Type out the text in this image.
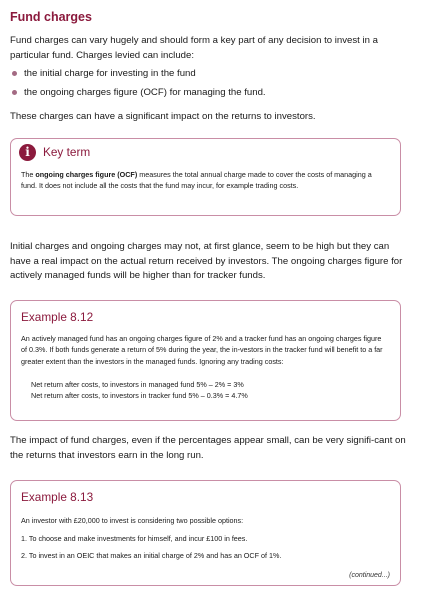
Fund charges
Fund charges can vary hugely and should form a key part of any decision to invest in a particular fund. Charges levied can include:
the initial charge for investing in the fund
the ongoing charges figure (OCF) for managing the fund.
These charges can have a significant impact on the returns to investors.
i	Key term
The ongoing charges figure (OCF) measures the total annual charge made to cover the costs of managing a fund. It does not include all the costs that the fund may incur, for example trading costs.
Initial charges and ongoing charges may not, at first glance, seem to be high but they can have a real impact on the actual return received by investors. The ongoing charges figure for actively managed funds will be higher than for tracker funds.
Example 8.12
An actively managed fund has an ongoing charges figure of 2% and a tracker fund has an ongoing charges figure of 0.3%. If both funds generate a return of 5% during the year, the in-vestors in the tracker fund will benefit to a far greater extent than the investors in the managed funds. Ignoring any trading costs:
Net return after costs, to investors in managed fund 5% – 2% = 3%
Net return after costs, to investors in tracker fund 5% – 0.3% = 4.7%
The impact of fund charges, even if the percentages appear small, can be very signifi-cant on the returns that investors earn in the long run.
Example 8.13
An investor with £20,000 to invest is considering two possible options:
1. To choose and make investments for himself, and incur £100 in fees.
2. To invest in an OEIC that makes an initial charge of 2% and has an OCF of 1%.
(continued...)
